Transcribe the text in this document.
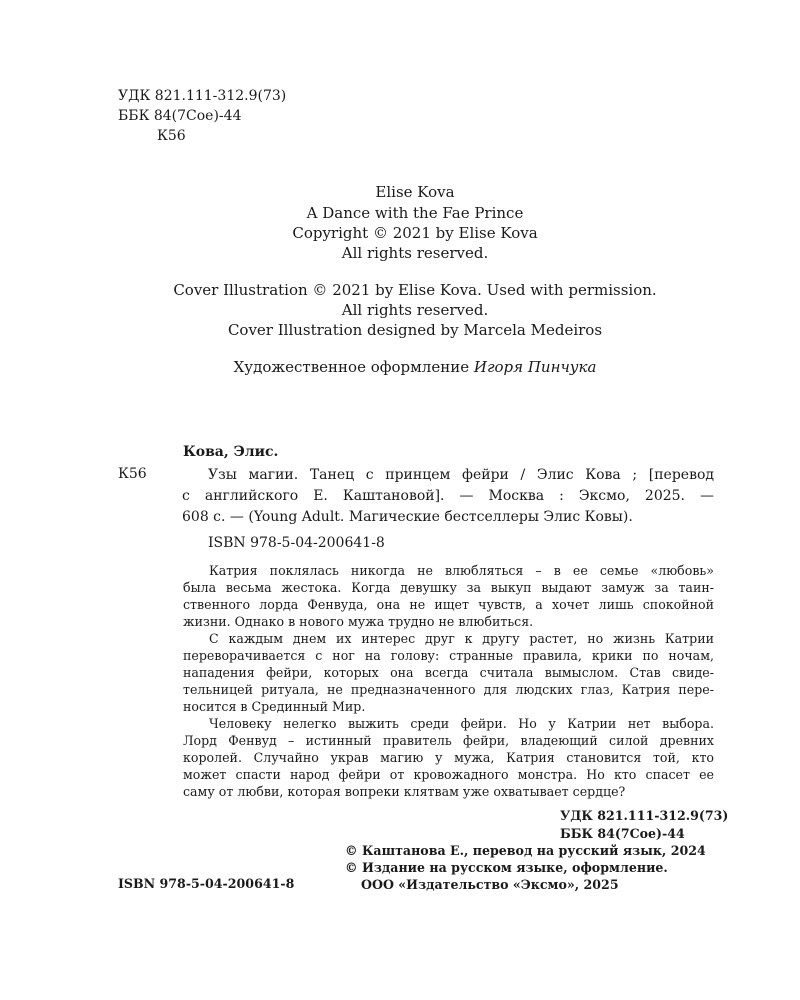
УДК 821.111-312.9(73)
ББК 84(7Сое)-44
К56
Elise Kova
A Dance with the Fae Prince
Copyright © 2021 by Elise Kova
All rights reserved.
Cover Illustration © 2021 by Elise Kova. Used with permission.
All rights reserved.
Cover Illustration designed by Marcela Medeiros
Художественное оформление Игоря Пинчука
Кова, Элис.
К56	Узы магии. Танец с принцем фейри / Элис Кова ; [перевод
с английского Е. Каштановой]. — Москва : Эксмо, 2025. —
608 с. — (Young Adult. Магические бестселлеры Элис Ковы).
ISBN 978-5-04-200641-8

Катрия поклялась никогда не влюбляться – в ее семье «любовь»

была весьма жестока. Когда девушку за выкуп выдают замуж за таин-

ственного лорда Фенвуда, она не ищет чувств, а хочет лишь спокойной

жизни. Однако в нового мужа трудно не влюбиться.

С каждым днем их интерес друг к другу растет, но жизнь Катрии

переворачивается с ног на голову: странные правила, крики по ночам,

нападения фейри, которых она всегда считала вымыслом. Став свиде-

тельницей ритуала, не предназначенного для людских глаз, Катрия пере-

носится в Срединный Мир.

Человеку нелегко выжить среди фейри. Но у Катрии нет выбора.

Лорд Фенвуд – истинный правитель фейри, владеющий силой древних

королей. Случайно украв магию у мужа, Катрия становится той, кто

может спасти народ фейри от кровожадного монстра. Но кто спасет ее

саму от любви, которая вопреки клятвам уже охватывает сердце?

УДК 821.111-312.9(73)
ББК 84(7Сое)-44
ISBN 978-5-04-200641-8
© Каштанова Е., перевод на русский язык, 2024
© Издание на русском языке, оформление.
ООО «Издательство «Эксмо», 2025
